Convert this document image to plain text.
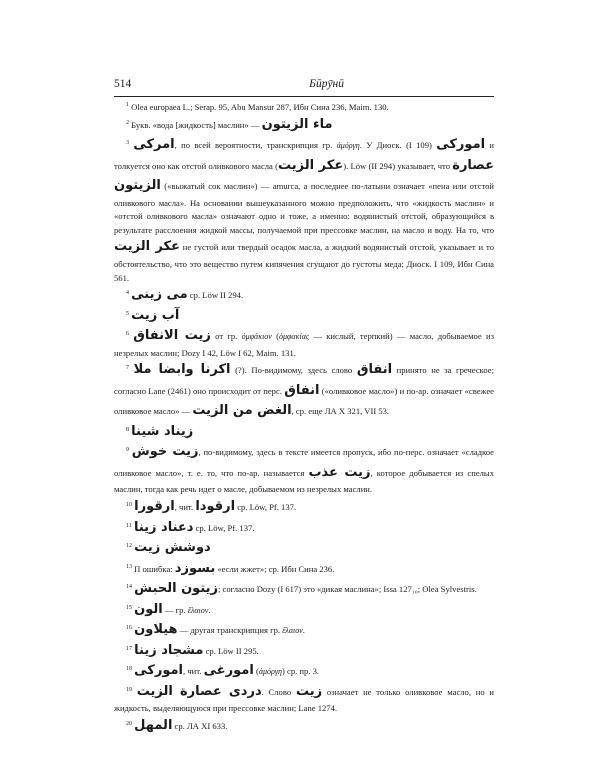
514	Бӣрӯнӣ

$^1$ Olea europaea L.; Serap. 95, Abu Mansur 287, Ибн Сина 236, Maim. 130.

$^2$ Букв. «вода [жидкость] маслин» — ماء الزيتون

$^3$ امركى, по всей вероятности, транскрипция гр. ἀμόργη. У Диоск. (I 109) اموركى и толкуется оно как отстой оливкового масла (عكر الزيت). Löw (II 294) указывает, что عصارة الزيتون («выжатый сок маслин») — amurca, а последнее по-латыни означает «пена или отстой оливкового масла». На основании вышеуказанного можно предположить, что «жидкость маслин» и «отстой оливкового масла» означают одно и тоже, а именно: водянистый отстой, образующийся в результате расслоения жидкой массы, получаемой при прессовке маслин, на масло и воду. На то, что عكر الزيت не густой или твердый осадок масла, а жидкий водянистый отстой, указывает и то обстоятельство, что это вещество путем кипячения сгущают до густоты меда; Диоск. I 109, Ибн Сина 561.

$^4$ مى زينى ср. Löw II 294.

$^5$ آب زيت

$^6$ زيت الانفاق от гр. ὀμφάκιον (ὀμφακίας — кислый, терпкий) — масло, добываемое из незрелых маслин; Dozy I 42, Löw I 62, Maim. 131.

$^7$ اكرنا وابضا ملا (?). По-видимому, здесь слово انفاق принято не за греческое; согласно Lane (2461) оно происходит от перс. انفاق («оливковое масло») и по-ар. означает «свежее оливковое масло» — الغض من الزيت, ср. еще ЛА X 321, VII 53.

$^8$ زيناد شينا

$^9$ زيت خوش, по-видимому, здесь в тексте имеется пропуск, ибо по-перс. означает «сладкое оливковое масло», т. е. то, что по-ар. называется زيت عذب, которое добывается из спелых маслин, тогда как речь идет о масле, добываемом из незрелых маслин.

$^{10}$ ارقورا, чит. ارقودا ср. Löw, Pf. 137.

$^{11}$ دعناد زينا ср. Löw, Pf. 137.

$^{12}$ دوشش زيت

$^{13}$ П ошибка: بسوزد «если жжет»; ср. Ибн Сина 236.

$^{14}$ زيتون الحبش; согласно Dozy (I 617) это «дикая маслина»; Issa 127₁₀; Olea Sylvestris.

$^{15}$ الون — гр. ἔλαιον.

$^{16}$ هيلاون — другая транскрипция гр. ἔλαιον.

$^{17}$ مشجاد زينا ср. Löw II 295.

$^{18}$ اموركى, чит. امورغى (ἀμόργη) ср. пр. 3.

$^{19}$ دردى عصارة الزيت. Слово زيت означает не только оливковое масло, но и жидкость, выделяющуюся при прессовке маслин; Lane 1274.

$^{20}$ المهل ср. ЛА XI 633.
